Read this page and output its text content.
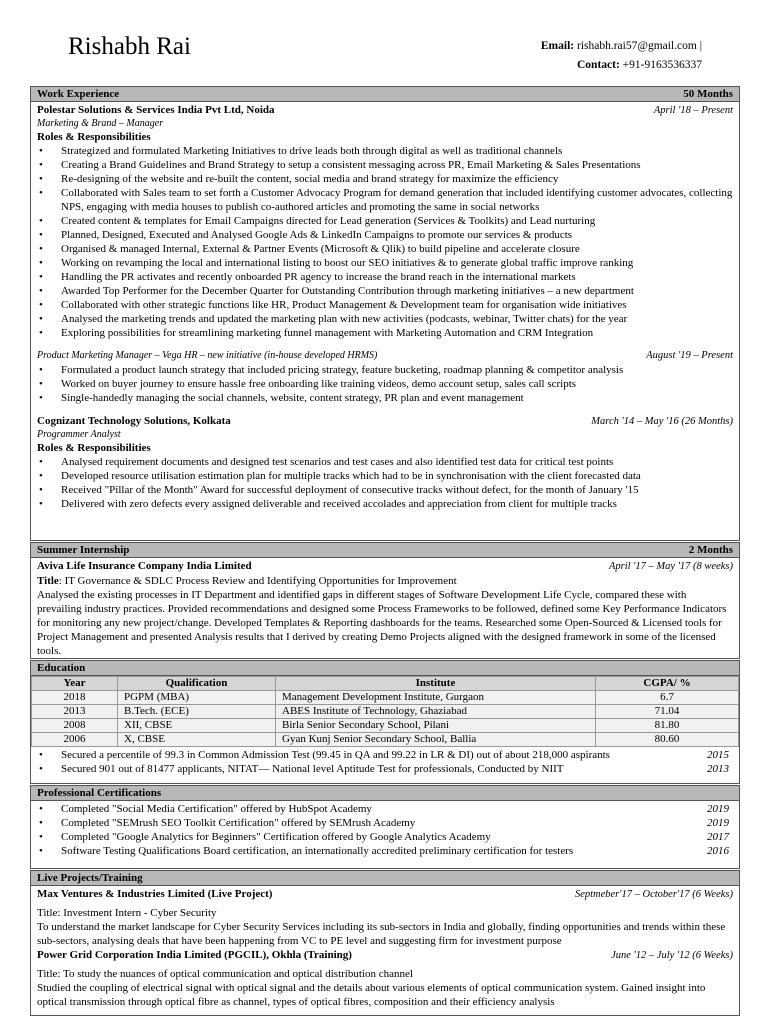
Rishabh Rai	Email: rishabh.rai57@gmail.com |
Contact: +91-9163536337
Work Experience	50 Months
Polestar Solutions & Services India Pvt Ltd, Noida	April '18 – Present
Marketing & Brand – Manager
Roles & Responsibilities
• Strategized and formulated Marketing Initiatives to drive leads both through digital as well as traditional channels
• Creating a Brand Guidelines and Brand Strategy to setup a consistent messaging across PR, Email Marketing & Sales Presentations
• Re-designing of the website and re-built the content, social media and brand strategy for maximize the efficiency
• Collaborated with Sales team to set forth a Customer Advocacy Program for demand generation that included identifying customer advocates, collecting NPS, engaging with media houses to publish co-authored articles and promoting the same in social networks
• Created content & templates for Email Campaigns directed for Lead generation (Services & Toolkits) and Lead nurturing
• Planned, Designed, Executed and Analysed Google Ads & LinkedIn Campaigns to promote our services & products
• Organised & managed Internal, External & Partner Events (Microsoft & Qlik) to build pipeline and accelerate closure
• Working on revamping the local and international listing to boost our SEO initiatives & to generate global traffic improve ranking
• Handling the PR activates and recently onboarded PR agency to increase the brand reach in the international markets
• Awarded Top Performer for the December Quarter for Outstanding Contribution through marketing initiatives – a new department
• Collaborated with other strategic functions like HR, Product Management & Development team for organisation wide initiatives
• Analysed the marketing trends and updated the marketing plan with new activities (podcasts, webinar, Twitter chats) for the year
• Exploring possibilities for streamlining marketing funnel management with Marketing Automation and CRM Integration
Product Marketing Manager – Vega HR – new initiative (in-house developed HRMS)	August '19 – Present
• Formulated a product launch strategy that included pricing strategy, feature bucketing, roadmap planning & competitor analysis
• Worked on buyer journey to ensure hassle free onboarding like training videos, demo account setup, sales call scripts
• Single-handedly managing the social channels, website, content strategy, PR plan and event management
Cognizant Technology Solutions, Kolkata	March '14 – May '16 (26 Months)
Programmer Analyst
Roles & Responsibilities
• Analysed requirement documents and designed test scenarios and test cases and also identified test data for critical test points
• Developed resource utilisation estimation plan for multiple tracks which had to be in synchronisation with the client forecasted data
• Received "Pillar of the Month" Award for successful deployment of consecutive tracks without defect, for the month of January '15
• Delivered with zero defects every assigned deliverable and received accolades and appreciation from client for multiple tracks
Summer Internship	2 Months
Aviva Life Insurance Company India Limited	April '17 – May '17 (8 weeks)
Title: IT Governance & SDLC Process Review and Identifying Opportunities for Improvement

Analysed the existing processes in IT Department and identified gaps in different stages of Software Development Life Cycle, compared these with prevailing industry practices. Provided recommendations and designed some Process Frameworks to be followed, defined some Key Performance Indicators for monitoring any new project/change. Developed Templates & Reporting dashboards for the teams. Researched some Open-Sourced & Licensed tools for Project Management and presented Analysis results that I derived by creating Demo Projects aligned with the designed framework in some of the licensed tools.

Education
Year	Qualification	Institute	CGPA/ %
2018	PGPM (MBA)	Management Development Institute, Gurgaon	6.7
2013	B.Tech. (ECE)	ABES Institute of Technology, Ghaziabad	71.04
2008	XII, CBSE	Birla Senior Secondary School, Pilani	81.80
2006	X, CBSE	Gyan Kunj Senior Secondary School, Ballia	80.60
• Secured a percentile of 99.3 in Common Admission Test (99.45 in QA and 99.22 in LR & DI) out of about 218,000 aspirants	2015
• Secured 901 out of 81477 applicants, NITAT— National level Aptitude Test for professionals, Conducted by NIIT	2013
Professional Certifications
• Completed "Social Media Certification" offered by HubSpot Academy	2019
• Completed "SEMrush SEO Toolkit Certification" offered by SEMrush Academy	2019
• Completed "Google Analytics for Beginners" Certification offered by Google Analytics Academy	2017
• Software Testing Qualifications Board certification, an internationally accredited preliminary certification for testers	2016
Live Projects/Training
Max Ventures & Industries Limited (Live Project)	Septmeber'17 – October'17 (6 Weeks)
Title: Investment Intern - Cyber Security

To understand the market landscape for Cyber Security Services including its sub-sectors in India and globally, finding opportunities and trends within these sub-sectors, analysing deals that have been happening from VC to PE level and suggesting firm for investment purpose

Power Grid Corporation India Limited (PGCIL), Okhla (Training)	June '12 – July '12 (6 Weeks)
Title: To study the nuances of optical communication and optical distribution channel

Studied the coupling of electrical signal with optical signal and the details about various elements of optical communication system. Gained insight into optical transmission through optical fibre as channel, types of optical fibres, composition and their efficiency analysis
